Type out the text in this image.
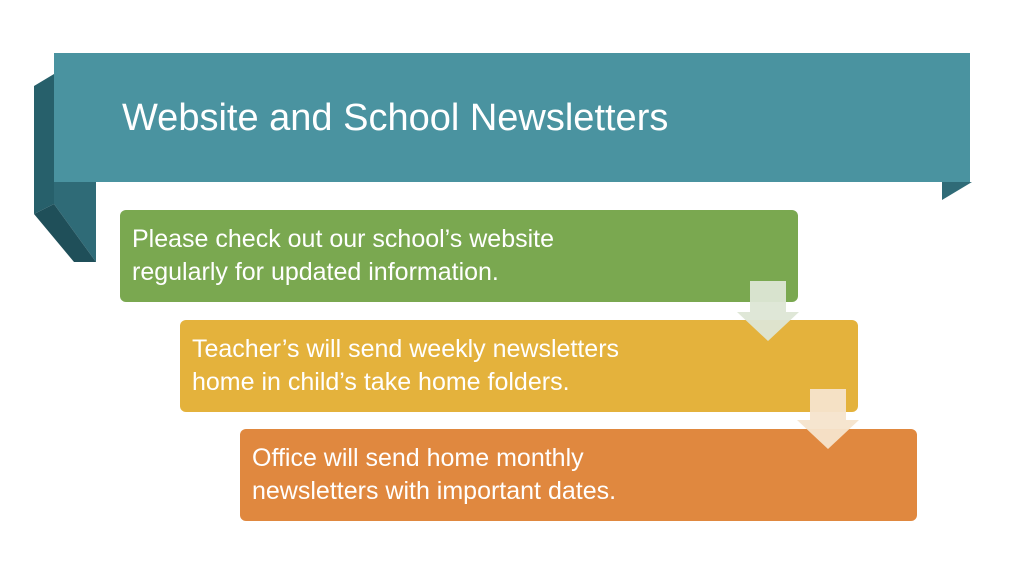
Website and School Newsletters
Please check out our school’s website
regularly for updated information.
Teacher’s will send weekly newsletters
home in child’s take home folders.
Office will send home monthly
newsletters with important dates.
